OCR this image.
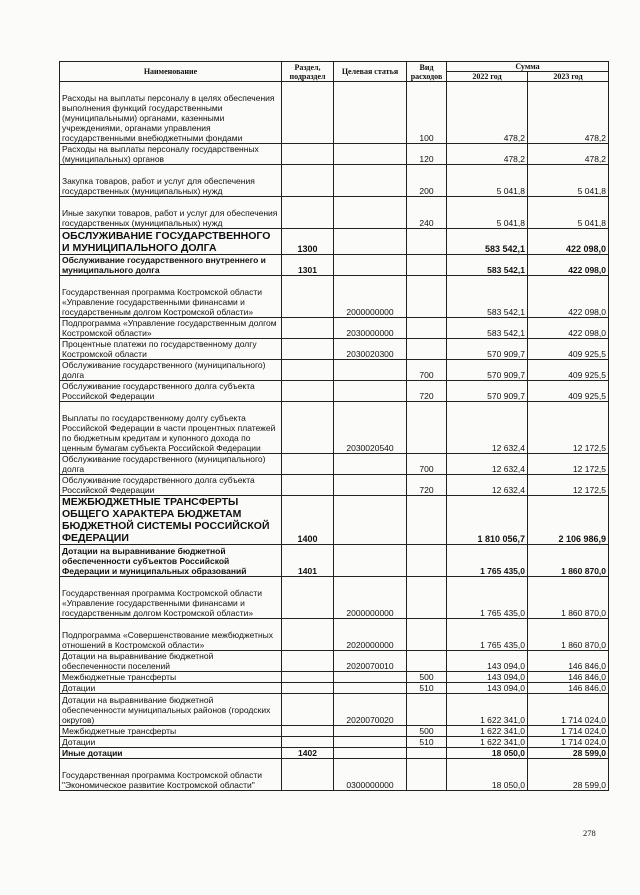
Наименование	Раздел, подраздел	Целевая статья	Вид расходов	Сумма	
				2022 год	2023 год
Расходы на выплаты персоналу в целях обеспечения выполнения функций государственными (муниципальными) органами, казенными учреждениями, органами управления государственными внебюджетными фондами			100	478,2	478,2
Расходы на выплаты персоналу государственных (муниципальных) органов			120	478,2	478,2
Закупка товаров, работ и услуг для обеспечения государственных (муниципальных) нужд			200	5 041,8	5 041,8
Иные закупки товаров, работ и услуг для обеспечения государственных (муниципальных) нужд			240	5 041,8	5 041,8
ОБСЛУЖИВАНИЕ ГОСУДАРСТВЕННОГО И МУНИЦИПАЛЬНОГО ДОЛГА	1300			583 542,1	422 098,0
Обслуживание государственного внутреннего и муниципального долга	1301			583 542,1	422 098,0
Государственная программа Костромской области «Управление государственными финансами и государственным долгом Костромской области»		2000000000		583 542,1	422 098,0
Подпрограмма «Управление государственным долгом Костромской области»		2030000000		583 542,1	422 098,0
Процентные платежи по государственному долгу Костромской области		2030020300		570 909,7	409 925,5
Обслуживание государственного (муниципального) долга			700	570 909,7	409 925,5
Обслуживание государственного долга субъекта Российской Федерации			720	570 909,7	409 925,5
Выплаты по государственному долгу субъекта Российской Федерации в части процентных платежей по бюджетным кредитам и купонного дохода по ценным бумагам субъекта Российской Федерации		2030020540		12 632,4	12 172,5
Обслуживание государственного (муниципального) долга			700	12 632,4	12 172,5
Обслуживание государственного долга субъекта Российской Федерации			720	12 632,4	12 172,5
МЕЖБЮДЖЕТНЫЕ ТРАНСФЕРТЫ ОБЩЕГО ХАРАКТЕРА БЮДЖЕТАМ БЮДЖЕТНОЙ СИСТЕМЫ РОССИЙСКОЙ ФЕДЕРАЦИИ	1400			1 810 056,7	2 106 986,9
Дотации на выравнивание бюджетной обеспеченности субъектов Российской Федерации и муниципальных образований	1401			1 765 435,0	1 860 870,0
Государственная программа Костромской области «Управление государственными финансами и государственным долгом Костромской области»		2000000000		1 765 435,0	1 860 870,0
Подпрограмма «Совершенствование межбюджетных отношений в Костромской области»		2020000000		1 765 435,0	1 860 870,0
Дотации на выравнивание бюджетной обеспеченности поселений		2020070010		143 094,0	146 846,0
Межбюджетные трансферты			500	143 094,0	146 846,0
Дотации			510	143 094,0	146 846,0
Дотации на выравнивание бюджетной обеспеченности муниципальных районов (городских округов)		2020070020		1 622 341,0	1 714 024,0
Межбюджетные трансферты			500	1 622 341,0	1 714 024,0
Дотации			510	1 622 341,0	1 714 024,0
Иные дотации	1402			18 050,0	28 599,0
Государственная программа Костромской области "Экономическое развитие Костромской области"		0300000000		18 050,0	28 599,0
278
